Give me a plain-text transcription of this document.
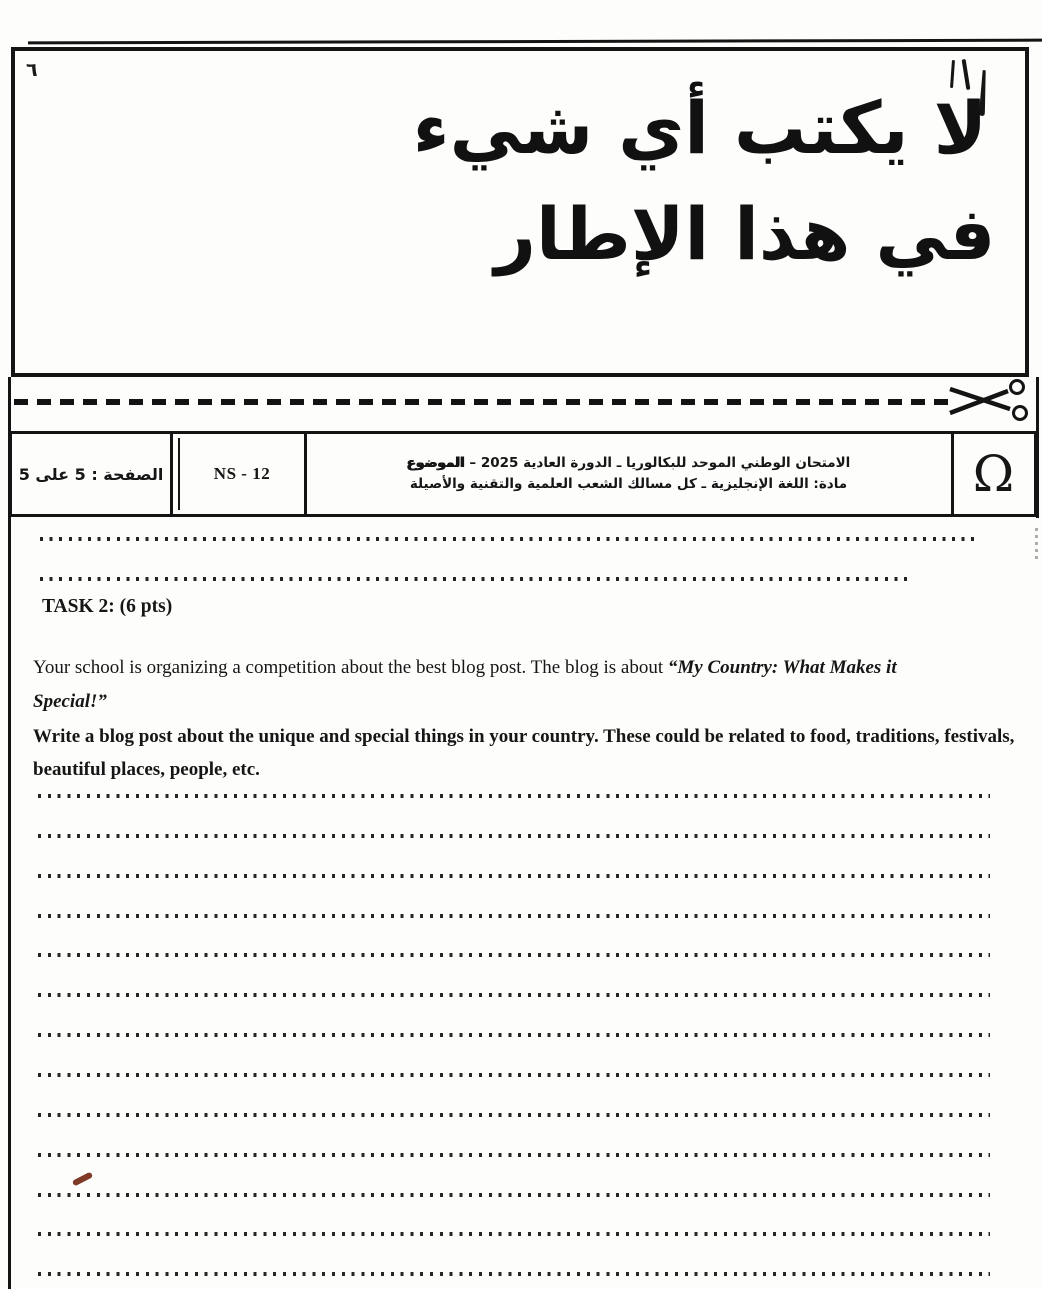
٦
لا يكتب أي شيء
في هذا الإطار
الصفحة : 5 على 5	NS - 12
الامتحان الوطني الموحد للبكالوريا ـ الدورة العادية 2025 – الموضوع
مادة: اللغة الإنجليزية ـ كل مسالك الشعب العلمية والتقنية والأصيلة	Ω
TASK 2: (6 pts)

Your school is organizing a competition about the best blog post. The blog is about “My Country: What Makes it Special!”

Write a blog post about the unique and special things in your country. These could be related to food, traditions, festivals, beautiful places, people, etc.
